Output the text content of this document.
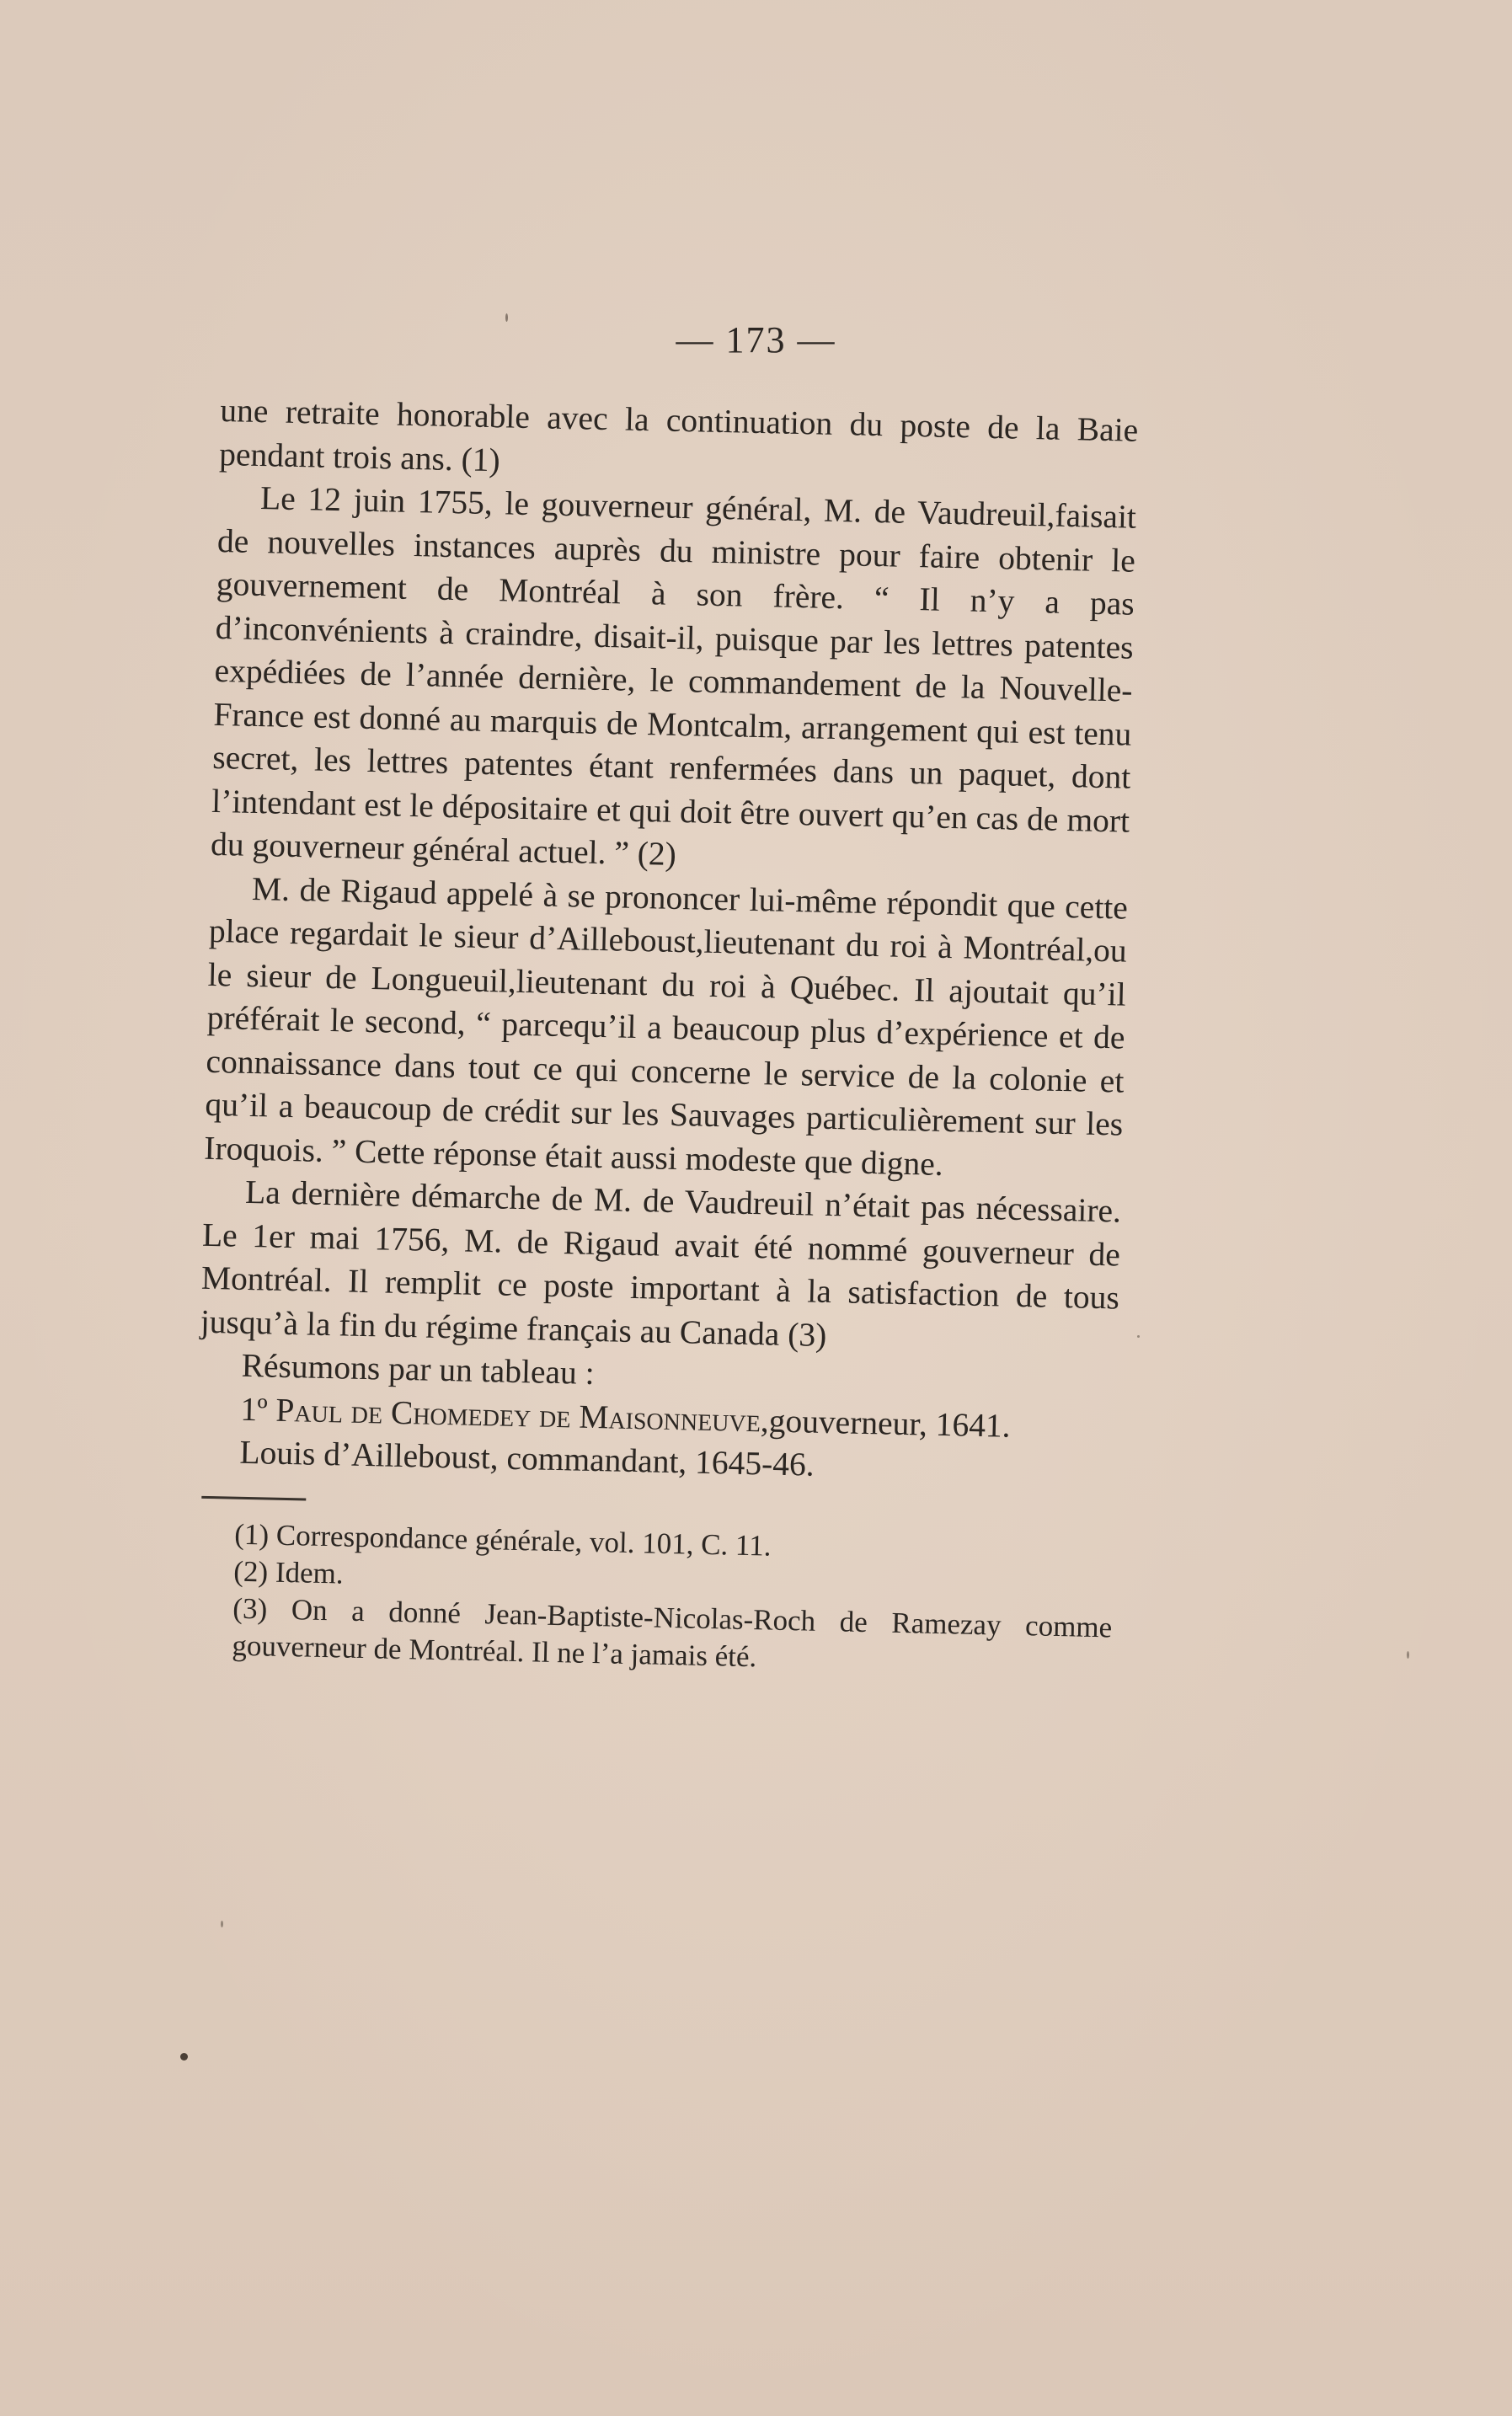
— 173 —

une retraite honorable avec la continuation du poste de la Baie pendant trois ans. (1)

Le 12 juin 1755, le gouverneur général, M. de Vaudreuil,faisait de nouvelles instances auprès du ministre pour faire obtenir le gouvernement de Montréal à son frère. “ Il n’y a pas d’inconvénients à craindre, disait-il, puisque par les lettres patentes expédiées de l’année dernière, le commandement de la Nouvelle-France est donné au marquis de Montcalm, arrangement qui est tenu secret, les lettres patentes étant renfermées dans un paquet, dont l’intendant est le dépositaire et qui doit être ouvert qu’en cas de mort du gouverneur général actuel. ” (2)

M. de Rigaud appelé à se prononcer lui-même répondit que cette place regardait le sieur d’Ailleboust,lieutenant du roi à Montréal,ou le sieur de Longueuil,lieutenant du roi à Québec. Il ajoutait qu’il préférait le second, “ parcequ’il a beaucoup plus d’expérience et de connaissance dans tout ce qui concerne le service de la colonie et qu’il a beaucoup de crédit sur les Sauvages particulièrement sur les Iroquois. ” Cette réponse était aussi modeste que digne.

La dernière démarche de M. de Vaudreuil n’était pas nécessaire. Le 1er mai 1756, M. de Rigaud avait été nommé gouverneur de Montréal. Il remplit ce poste important à la satisfaction de tous jusqu’à la fin du régime français au Canada (3)

Résumons par un tableau :

1º Paul de Chomedey de Maisonneuve,gouverneur, 1641.

Louis d’Ailleboust, commandant, 1645-46.

(1) Correspondance générale, vol. 101, C. 11.

(2) Idem.

(3) On a donné Jean-Baptiste-Nicolas-Roch de Ramezay comme gouverneur de Montréal. Il ne l’a jamais été.
